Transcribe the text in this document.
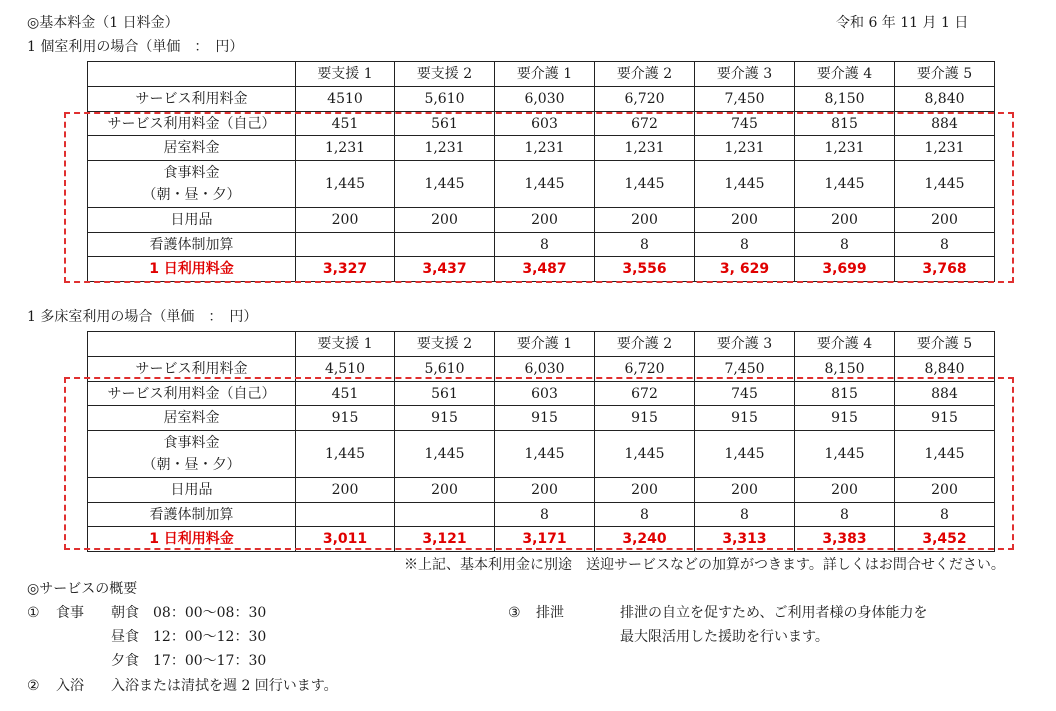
◎基本料金（1 日料金）	令和 6 年 11 月 1 日
1 個室利用の場合（単価　：　円）
	要支援 1	要支援 2	要介護 1	要介護 2	要介護 3	要介護 4	要介護 5

サービス利用料金	4510	5,610	6,030	6,720	7,450	8,150	8,840

サービス利用料金（自己）	451	561	603	672	745	815	884

居室料金	1,231	1,231	1,231	1,231	1,231	1,231	1,231

食事料金
（朝・昼・夕）	1,445	1,445	1,445	1,445	1,445	1,445	1,445

日用品	200	200	200	200	200	200	200

看護体制加算			8	8	8	8	8

1 日利用料金	3,327	3,437	3,487	3,556	3, 629	3,699	3,768
1 多床室利用の場合（単価　：　円）
	要支援 1	要支援 2	要介護 1	要介護 2	要介護 3	要介護 4	要介護 5

サービス利用料金	4,510	5,610	6,030	6,720	7,450	8,150	8,840

サービス利用料金（自己）	451	561	603	672	745	815	884

居室料金	915	915	915	915	915	915	915

食事料金
（朝・昼・夕）	1,445	1,445	1,445	1,445	1,445	1,445	1,445

日用品	200	200	200	200	200	200	200

看護体制加算			8	8	8	8	8

1 日利用料金	3,011	3,121	3,171	3,240	3,313	3,383	3,452
※上記、基本利用金に別途　送迎サービスなどの加算がつきます。詳しくはお問合せください。
◎サービスの概要
① 食事 朝食 08：00〜08：30
昼食 12：00〜12：30
夕食 17：00〜17：30
② 入浴 入浴または清拭を週 2 回行います。
③ 排泄	排泄の自立を促すため、ご利用者様の身体能力を
最大限活用した援助を行います。
